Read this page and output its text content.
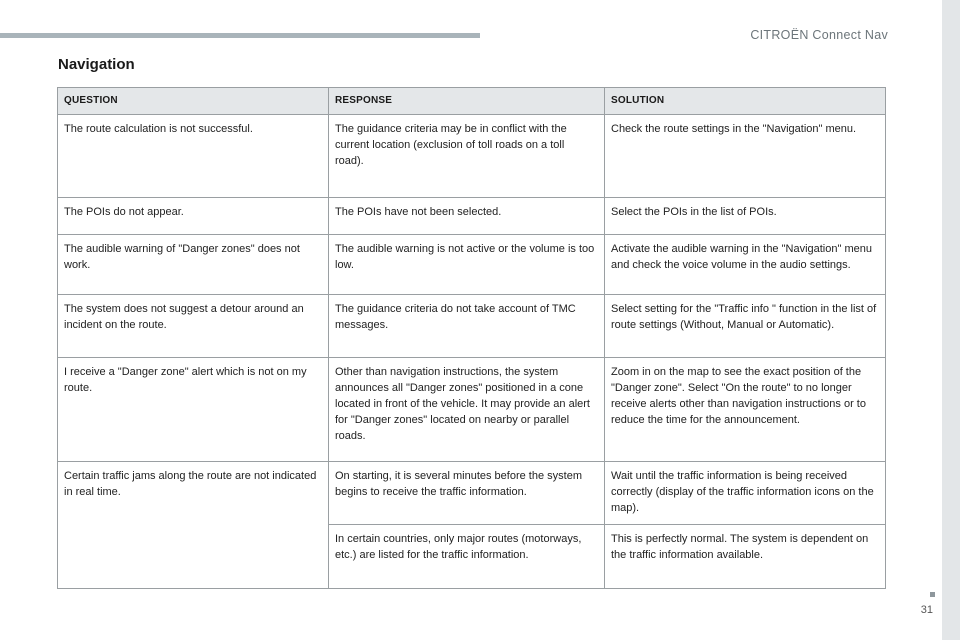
CITROËN Connect Nav
31
Navigation
QUESTION	RESPONSE	SOLUTION
The route calculation is not successful.	The guidance criteria may be in conflict with the current location (exclusion of toll roads on a toll road).	Check the route settings in the "Navigation" menu.
The POIs do not appear.	The POIs have not been selected.	Select the POIs in the list of POIs.
The audible warning of "Danger zones" does not work.	The audible warning is not active or the volume is too low.	Activate the audible warning in the "Navigation" menu and check the voice volume in the audio settings.
The system does not suggest a detour around an incident on the route.	The guidance criteria do not take account of TMC messages.	Select setting for the "Traffic info " function in the list of route settings (Without, Manual or Automatic).
I receive a "Danger zone" alert which is not on my route.	Other than navigation instructions, the system announces all "Danger zones" positioned in a cone located in front of the vehicle. It may provide an alert for "Danger zones" located on nearby or parallel roads.	Zoom in on the map to see the exact position of the "Danger zone". Select "On the route" to no longer receive alerts other than navigation instructions or to reduce the time for the announcement.
Certain traffic jams along the route are not indicated in real time.	On starting, it is several minutes before the system begins to receive the traffic information.	Wait until the traffic information is being received correctly (display of the traffic information icons on the map).
	In certain countries, only major routes (motorways, etc.) are listed for the traffic information.	This is perfectly normal. The system is dependent on the traffic information available.
